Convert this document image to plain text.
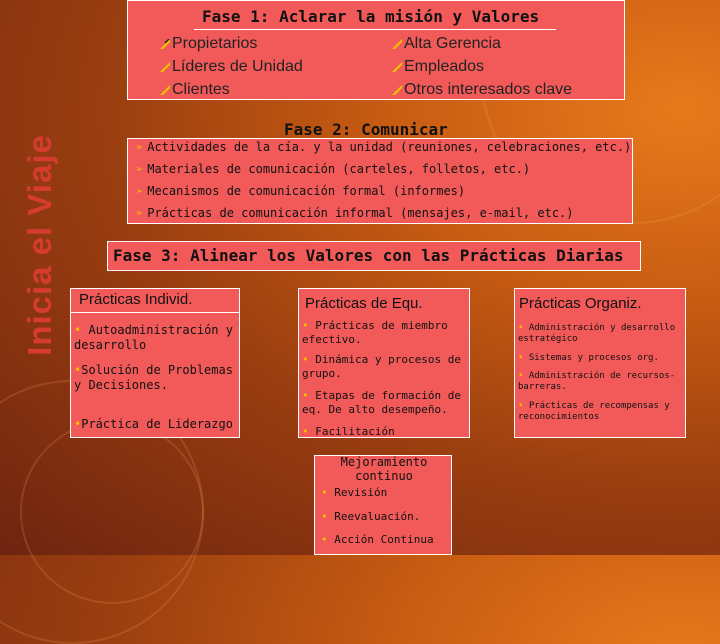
Inicia el Viaje
Fase 1: Aclarar la misión y Valores
Propietarios
Líderes de Unidad
Clientes
Alta Gerencia
Empleados
Otros interesados clave
➢ Actividades de la cía. y la unidad (reuniones, celebraciones, etc.)
➢ Materiales de comunicación (carteles, folletos, etc.)
➢ Mecanismos de comunicación formal (informes)
➢ Prácticas de comunicación informal (mensajes, e-mail, etc.)
Fase 2: Comunicar
Fase 3: Alinear los Valores con las Prácticas Diarias
Prácticas Individ.
• Autoadministración y desarrollo
•Solución de Problemas y Decisiones.
•Práctica de Liderazgo
Prácticas de Equ.
• Prácticas de miembro efectivo.
• Dinámica y procesos de grupo.
• Etapas de formación de eq. De alto desempeño.
• Facilitación
Prácticas Organiz.
• Administración y desarrollo estratégico
• Sistemas y procesos org.
• Administración de recursos-barreras.
• Prácticas de recompensas y reconocimientos
Mejoramiento continuo
• Revisión
• Reevaluación.
• Acción Continua
